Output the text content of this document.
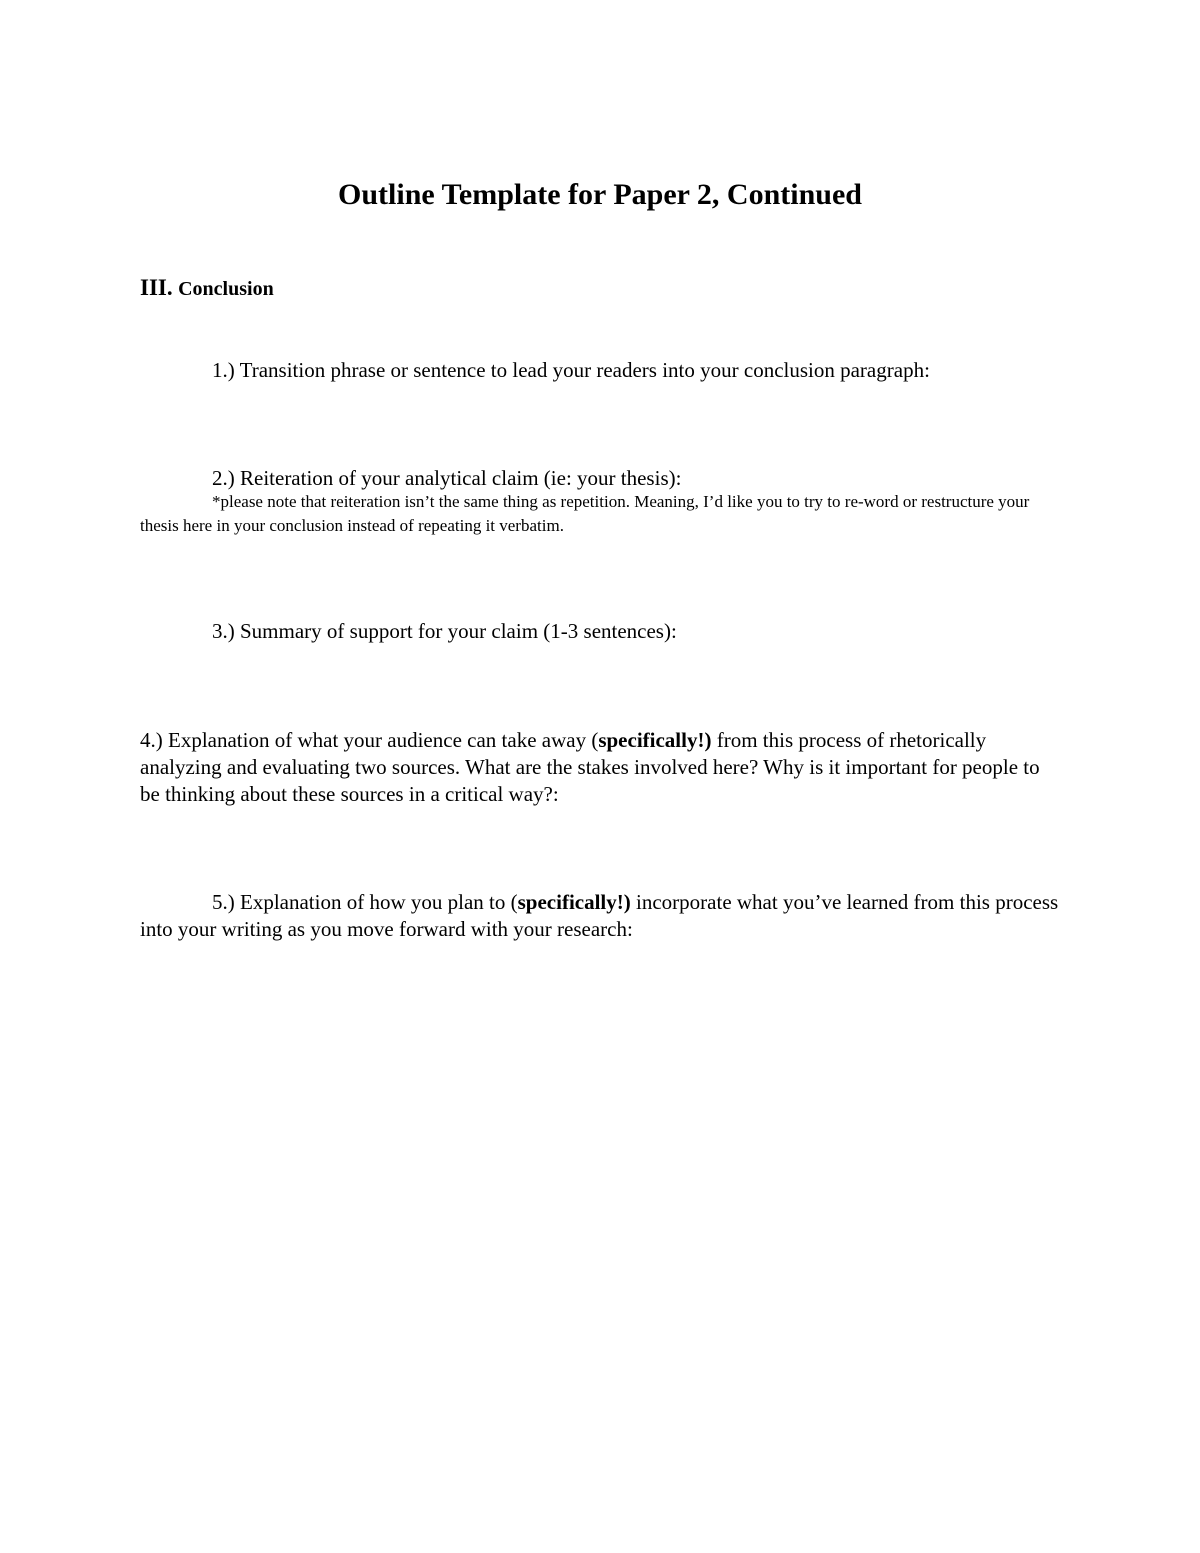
Outline Template for Paper 2, Continued
III. Conclusion
1.) Transition phrase or sentence to lead your readers into your conclusion paragraph:
2.) Reiteration of your analytical claim (ie: your thesis):
*please note that reiteration isn’t the same thing as repetition. Meaning, I’d like you to try to re-word or restructure your thesis here in your conclusion instead of repeating it verbatim.
3.) Summary of support for your claim (1-3 sentences):
4.) Explanation of what your audience can take away (specifically!) from this process of rhetorically analyzing and evaluating two sources. What are the stakes involved here? Why is it important for people to be thinking about these sources in a critical way?:
5.) Explanation of how you plan to (specifically!) incorporate what you’ve learned from this process into your writing as you move forward with your research:
